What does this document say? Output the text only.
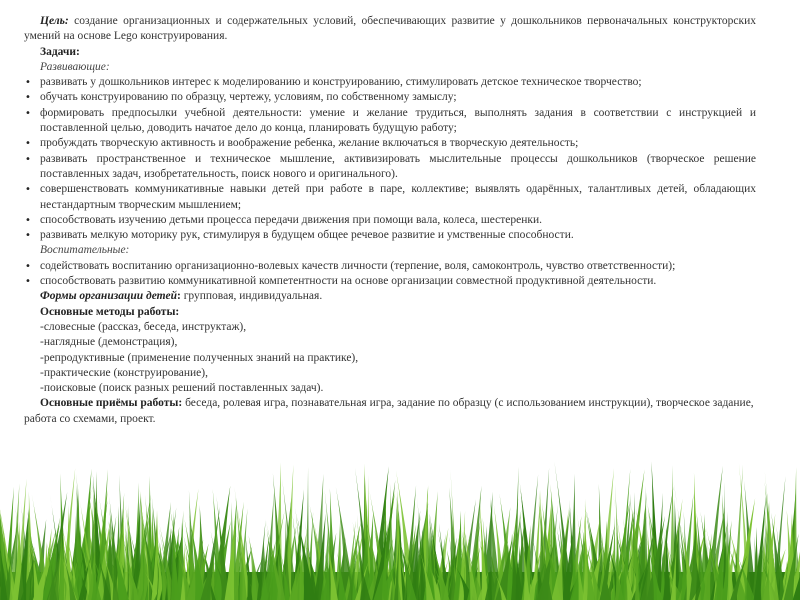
Цель: создание организационных и содержательных условий, обеспечивающих развитие у дошкольников первоначальных конструкторских умений на основе Lego конструирования.

Задачи:

Развивающие:

• развивать у дошкольников интерес к моделированию и конструированию, стимулировать детское техническое творчество;
• обучать конструированию по образцу, чертежу, условиям, по собственному замыслу;
• формировать предпосылки учебной деятельности: умение и желание трудиться, выполнять задания в соответствии с инструкцией и поставленной целью, доводить начатое дело до конца, планировать будущую работу;
• пробуждать творческую активность и воображение ребенка, желание включаться в творческую деятельность;
• развивать пространственное и техническое мышление, активизировать мыслительные процессы дошкольников (творческое решение поставленных задач, изобретательность, поиск нового и оригинального).
• совершенствовать коммуникативные навыки детей при работе в паре, коллективе; выявлять одарённых, талантливых детей, обладающих нестандартным творческим мышлением;
• способствовать изучению детьми процесса передачи движения при помощи вала, колеса, шестеренки.
• развивать мелкую моторику рук, стимулируя в будущем общее речевое развитие и умственные способности.

Воспитательные:

• содействовать воспитанию организационно-волевых качеств личности (терпение, воля, самоконтроль, чувство ответственности);
• способствовать развитию коммуникативной компетентности на основе организации совместной продуктивной деятельности.

Формы организации детей: групповая, индивидуальная.

Основные методы работы:

-словесные (рассказ, беседа, инструктаж),

-наглядные (демонстрация),

-репродуктивные (применение полученных знаний на практике),

-практические (конструирование),

-поисковые (поиск разных решений поставленных задач).

Основные приёмы работы: беседа, ролевая игра, познавательная игра, задание по образцу (с использованием инструкции), творческое задание, работа со схемами, проект.
